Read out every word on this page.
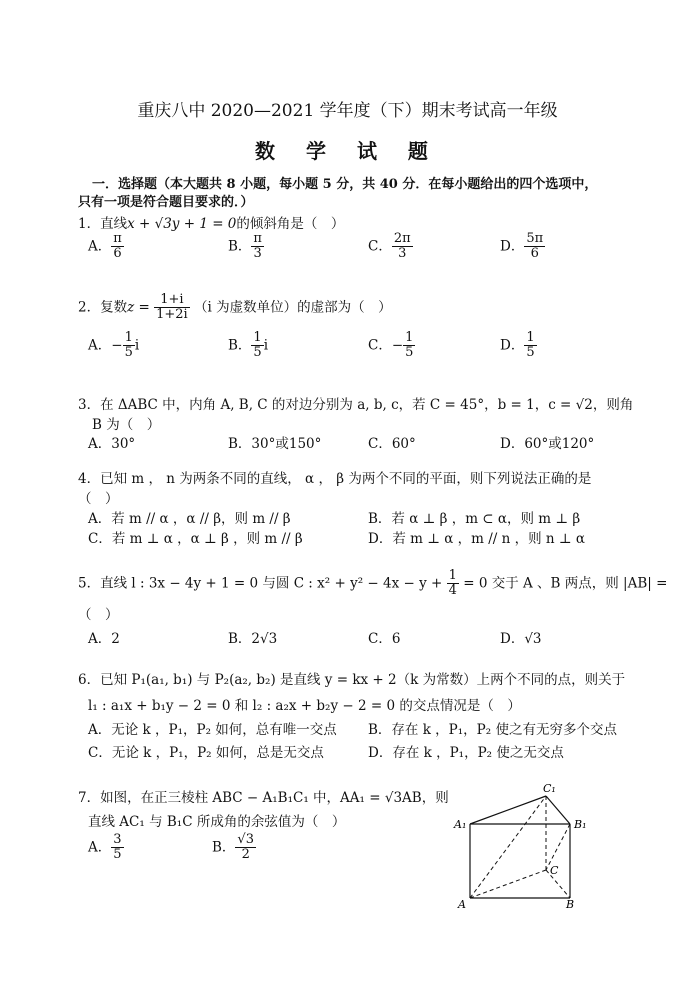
重庆八中 2020—2021 学年度（下）期末考试高一年级
数 学 试 题
一．选择题（本大题共 8 小题，每小题 5 分，共 40 分．在每小题给出的四个选项中，
只有一项是符合题目要求的．）
1．直线x + √3y + 1 = 0的倾斜角是（　）
A． $\frac{\pi}{6}$	B． $\frac{\pi}{3}$	C． $\frac{2\pi}{3}$	D． $\frac{5\pi}{6}$
2．复数$z = \frac{1+i}{1+2i} (i$ 为虚数单位）的虚部为（　）
A．− $\frac{1}{5}$ i	B． $\frac{1}{5}$ i	C．− $\frac{1}{5}$	D． $\frac{1}{5}$
3．在 ΔABC 中，内角 A, B, C 的对边分别为 a, b, c，若 C = 45°，b = 1，c = √2，则角
B 为（　）
A．30°	B．30°或150°	C．60°	D．60°或120°
4．已知 m ， n 为两条不同的直线， α ， β 为两个不同的平面，则下列说法正确的是
（　）
A．若 m // α ，α // β，则 m // β	B．若 α ⊥ β ，m ⊂ α，则 m ⊥ β
C．若 m ⊥ α ，α ⊥ β ，则 m // β	D．若 m ⊥ α ，m // n ，则 n ⊥ α
5．直线 l : 3x − 4y + 1 = 0 与圆 C : $x^2 + y^2 - 4x - y + \frac{1}{4} = 0$ 交于 A 、B 两点，则 |AB| =
（　）
A．2	B．2√3	C．6	D．√3
6．已知 P₁(a₁, b₁) 与 P₂(a₂, b₂) 是直线 y = kx + 2（k 为常数）上两个不同的点，则关于
l₁ : a₁x + b₁y − 2 = 0 和 l₂ : a₂x + b₂y − 2 = 0 的交点情况是（　）
A．无论 k ，P₁，P₂ 如何，总有唯一交点 B．存在 k ，P₁，P₂ 使之有无穷多个交点
C．无论 k ，P₁，P₂ 如何，总是无交点	D．存在 k ，P₁，P₂ 使之无交点
7．如图，在正三棱柱 ABC − A₁B₁C₁ 中，AA₁ = √3AB，则
直线 AC₁ 与 B₁C 所成角的余弦值为（　）
A． $\frac{3}{5}$	B． $\frac{√3}{2}$
A₁	B₁
C₁
A	B
C
